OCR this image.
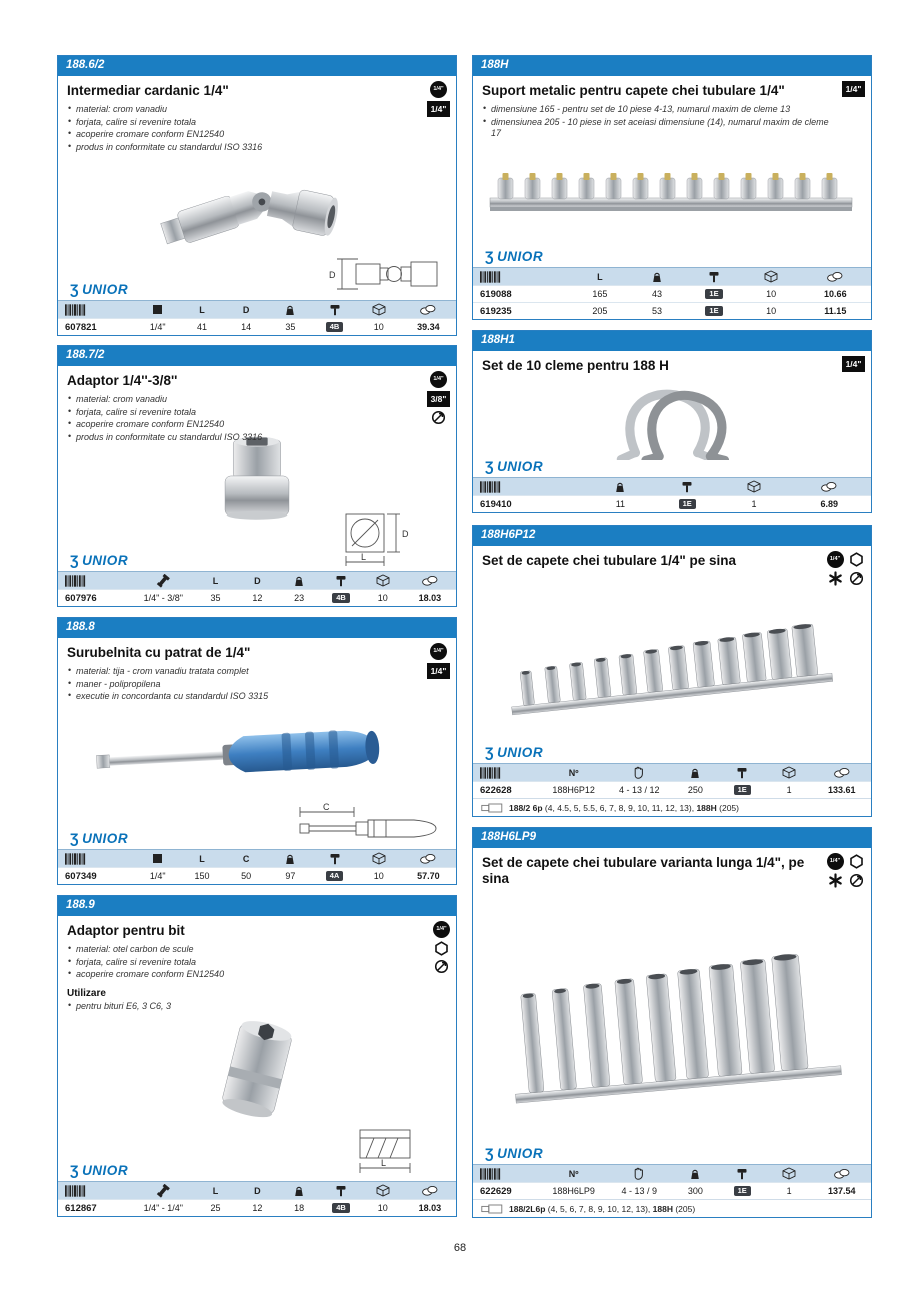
188.6/2
Intermediar cardanic 1/4"	1/4"
1/4"
• material: crom vanadiu
• forjata, calire si revenire totala
• acoperire cromare conform EN12540
• produs in conformitate cu standardul ISO 3316
Ʒ UNIOR
D
L	D
607821	1/4"	41	14	35	4B	10	39.34
188.7/2
Adaptor 1/4''-3/8''	1/4"
3/8"
• material: crom vanadiu
• forjata, calire si revenire totala
• acoperire cromare conform EN12540
• produs in conformitate cu standardul ISO 3316
Ʒ UNIOR
D
L
L	D
607976	1/4" - 3/8"	35	12	23	4B	10	18.03
188.8
Surubelnita cu patrat de 1/4"	1/4"
1/4"
• material: tija - crom vanadiu tratata complet
• maner - polipropilena
• executie in concordanta cu standardul ISO 3315
Ʒ UNIOR
C
L	C
607349	1/4"	150	50	97	4A	10	57.70
188.9
Adaptor pentru bit	1/4"
• material: otel carbon de scule
• forjata, calire si revenire totala
• acoperire cromare conform EN12540
Utilizare
• pentru bituri E6, 3 C6, 3
Ʒ UNIOR	L
L	D
612867	1/4" - 1/4"	25	12	18	4B	10	18.03
188H
Suport metalic pentru capete chei tubulare 1/4"	1/4"
• dimensiune 165 - pentru set de 10 piese 4-13, numarul maxim de cleme 13
• dimensiunea 205 - 10 piese in set aceiasi dimensiune (14), numarul maxim de cleme 17
Ʒ UNIOR
L
619088	165	43	1E	10	10.66
619235	205	53	1E	10	11.15
188H1
Set de 10 cleme pentru 188 H	1/4"
Ʒ UNIOR
619410	11	1E	1	6.89
188H6P12
Set de capete chei tubulare 1/4" pe sina	1/4"
Ʒ UNIOR
Nº
622628	188H6P12	4 - 13 / 12	250	1E	1	133.61
188/2 6p (4, 4.5, 5, 5.5, 6, 7, 8, 9, 10, 11, 12, 13), 188H (205)
188H6LP9
Set de capete chei tubulare varianta lunga 1/4", pe sina
1/4"
Ʒ UNIOR
Nº
622629	188H6LP9	4 - 13 / 9	300	1E	1	137.54
188/2L6p (4, 5, 6, 7, 8, 9, 10, 12, 13), 188H (205)
68
